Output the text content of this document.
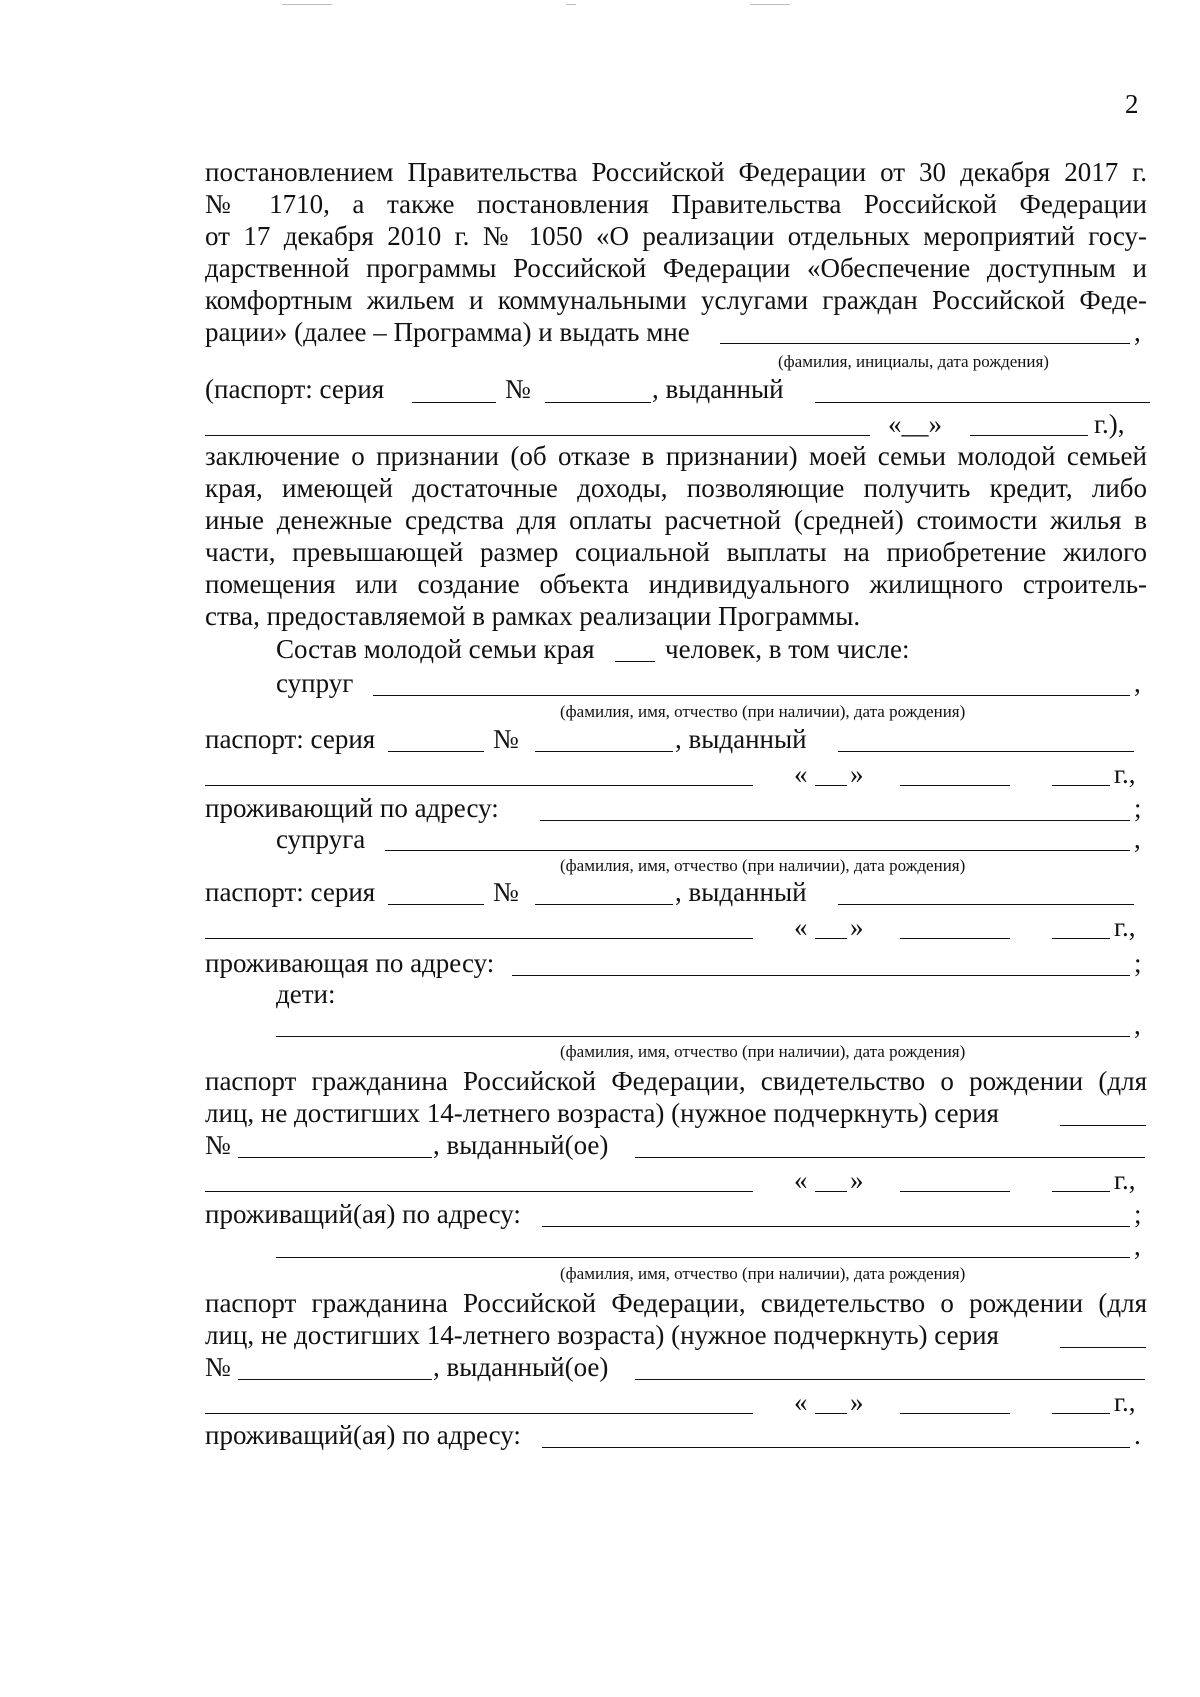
2
постановлением Правительства Российской Федерации от 30 декабря 2017 г.
№ 1710, а также постановления Правительства Российской Федерации
от 17 декабря 2010 г. № 1050 «О реализации отдельных мероприятий госу-
дарственной программы Российской Федерации «Обеспечение доступным и
комфортным жильем и коммунальными услугами граждан Российской Феде-
рации» (далее – Программа) и выдать мне	,
(фамилия, инициалы, дата рождения)
(паспорт: серия	№	, выданный
«__»	г.),
заключение о признании (об отказе в признании) моей семьи молодой семьей
края, имеющей достаточные доходы, позволяющие получить кредит, либо
иные денежные средства для оплаты расчетной (средней) стоимости жилья в
части, превышающей размер социальной выплаты на приобретение жилого
помещения или создание объекта индивидуального жилищного строитель-
ства, предоставляемой в рамках реализации Программы.
Состав молодой семьи края	человек, в том числе:
супруг	,
(фамилия, имя, отчество (при наличии), дата рождения)
паспорт: серия	№	, выданный
« »	г.,
проживающий по адресу:	;
супруга	,
(фамилия, имя, отчество (при наличии), дата рождения)
паспорт: серия	№	, выданный
« »	г.,
проживающая по адресу:	;
дети:
,
(фамилия, имя, отчество (при наличии), дата рождения)
паспорт гражданина Российской Федерации, свидетельство о рождении (для
лиц, не достигших 14-летнего возраста) (нужное подчеркнуть) серия
№	, выданный(ое)
« »	г.,
проживащий(ая) по адресу:	;
,
(фамилия, имя, отчество (при наличии), дата рождения)
паспорт гражданина Российской Федерации, свидетельство о рождении (для
лиц, не достигших 14-летнего возраста) (нужное подчеркнуть) серия
№	, выданный(ое)
« »	г.,
проживащий(ая) по адресу:	.
